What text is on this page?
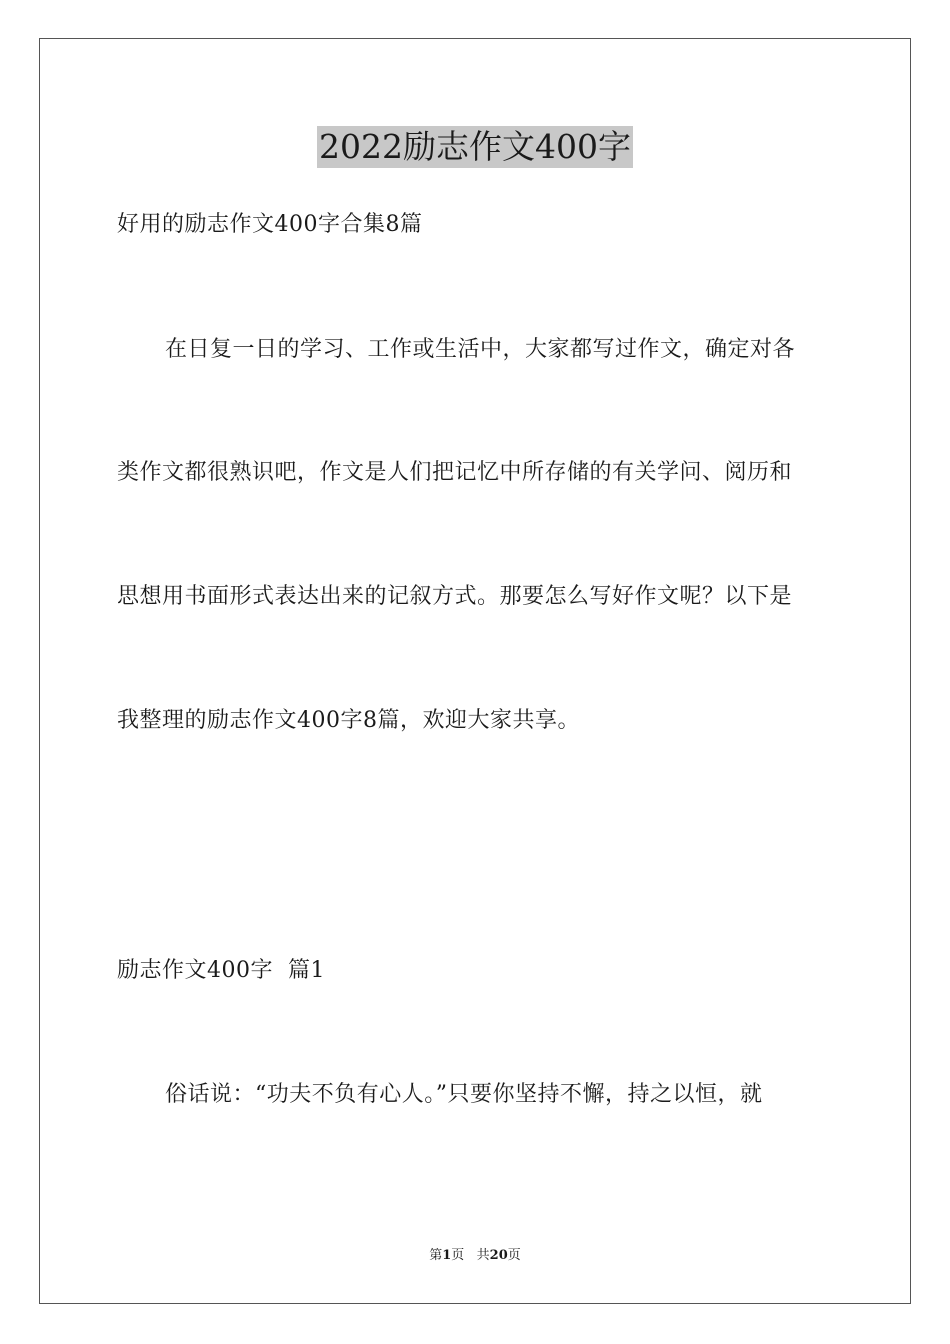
2022励志作文400字
好用的励志作文400字合集8篇
在日复一日的学习、工作或生活中，大家都写过作文，确定对各
类作文都很熟识吧，作文是人们把记忆中所存储的有关学问、阅历和
思想用书面形式表达出来的记叙方式。那要怎么写好作文呢？以下是
我整理的励志作文400字8篇，欢迎大家共享。
励志作文400字  篇1
俗话说：“功夫不负有心人。”只要你坚持不懈，持之以恒，就
第1页   共20页
